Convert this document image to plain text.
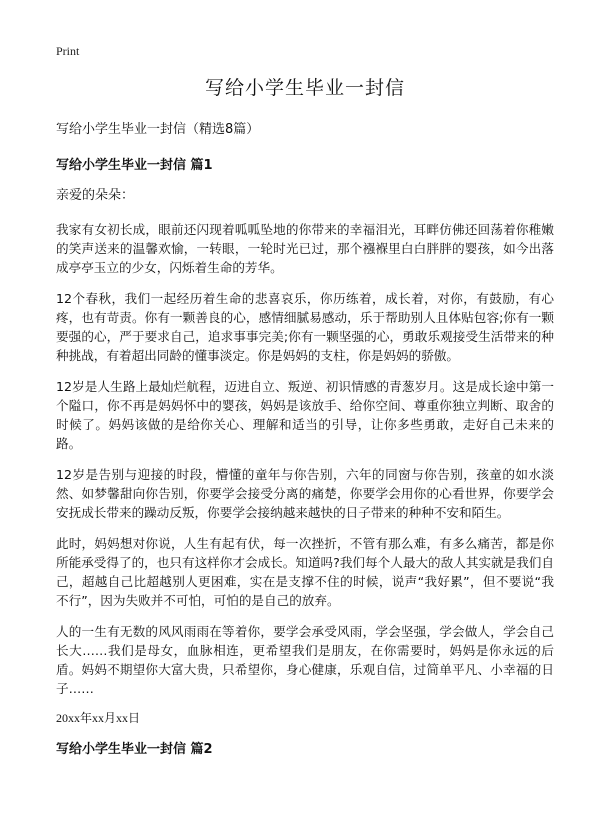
Print
写给小学生毕业一封信
写给小学生毕业一封信（精选8篇）
写给小学生毕业一封信 篇1
亲爱的朵朵：

我家有女初长成，眼前还闪现着呱呱坠地的你带来的幸福泪光，耳畔仿佛还回荡着你稚嫩的笑声送来的温馨欢愉，一转眼，一轮时光已过，那个襁褓里白白胖胖的婴孩，如今出落成亭亭玉立的少女，闪烁着生命的芳华。

12个春秋，我们一起经历着生命的悲喜哀乐，你历练着，成长着，对你，有鼓励，有心疼，也有苛责。你有一颗善良的心，感情细腻易感动，乐于帮助别人且体贴包容;你有一颗要强的心，严于要求自己，追求事事完美;你有一颗坚强的心，勇敢乐观接受生活带来的种种挑战，有着超出同龄的懂事淡定。你是妈妈的支柱，你是妈妈的骄傲。

12岁是人生路上最灿烂航程，迈进自立、叛逆、初识情感的青葱岁月。这是成长途中第一个隘口，你不再是妈妈怀中的婴孩，妈妈是该放手、给你空间、尊重你独立判断、取舍的时候了。妈妈该做的是给你关心、理解和适当的引导，让你多些勇敢，走好自己未来的路。

12岁是告别与迎接的时段，懵懂的童年与你告别，六年的同窗与你告别，孩童的如水淡然、如梦馨甜向你告别，你要学会接受分离的痛楚，你要学会用你的心看世界，你要学会安抚成长带来的躁动反叛，你要学会接纳越来越快的日子带来的种种不安和陌生。

此时，妈妈想对你说，人生有起有伏，每一次挫折，不管有那么难，有多么痛苦，都是你所能承受得了的，也只有这样你才会成长。知道吗?我们每个人最大的敌人其实就是我们自己，超越自己比超越别人更困难，实在是支撑不住的时候，说声“我好累”，但不要说“我不行”，因为失败并不可怕，可怕的是自己的放弃。

人的一生有无数的风风雨雨在等着你，要学会承受风雨，学会坚强，学会做人，学会自己长大……我们是母女，血脉相连，更希望我们是朋友，在你需要时，妈妈是你永远的后盾。妈妈不期望你大富大贵，只希望你，身心健康，乐观自信，过简单平凡、小幸福的日子……

20xx年xx月xx日
写给小学生毕业一封信 篇2
